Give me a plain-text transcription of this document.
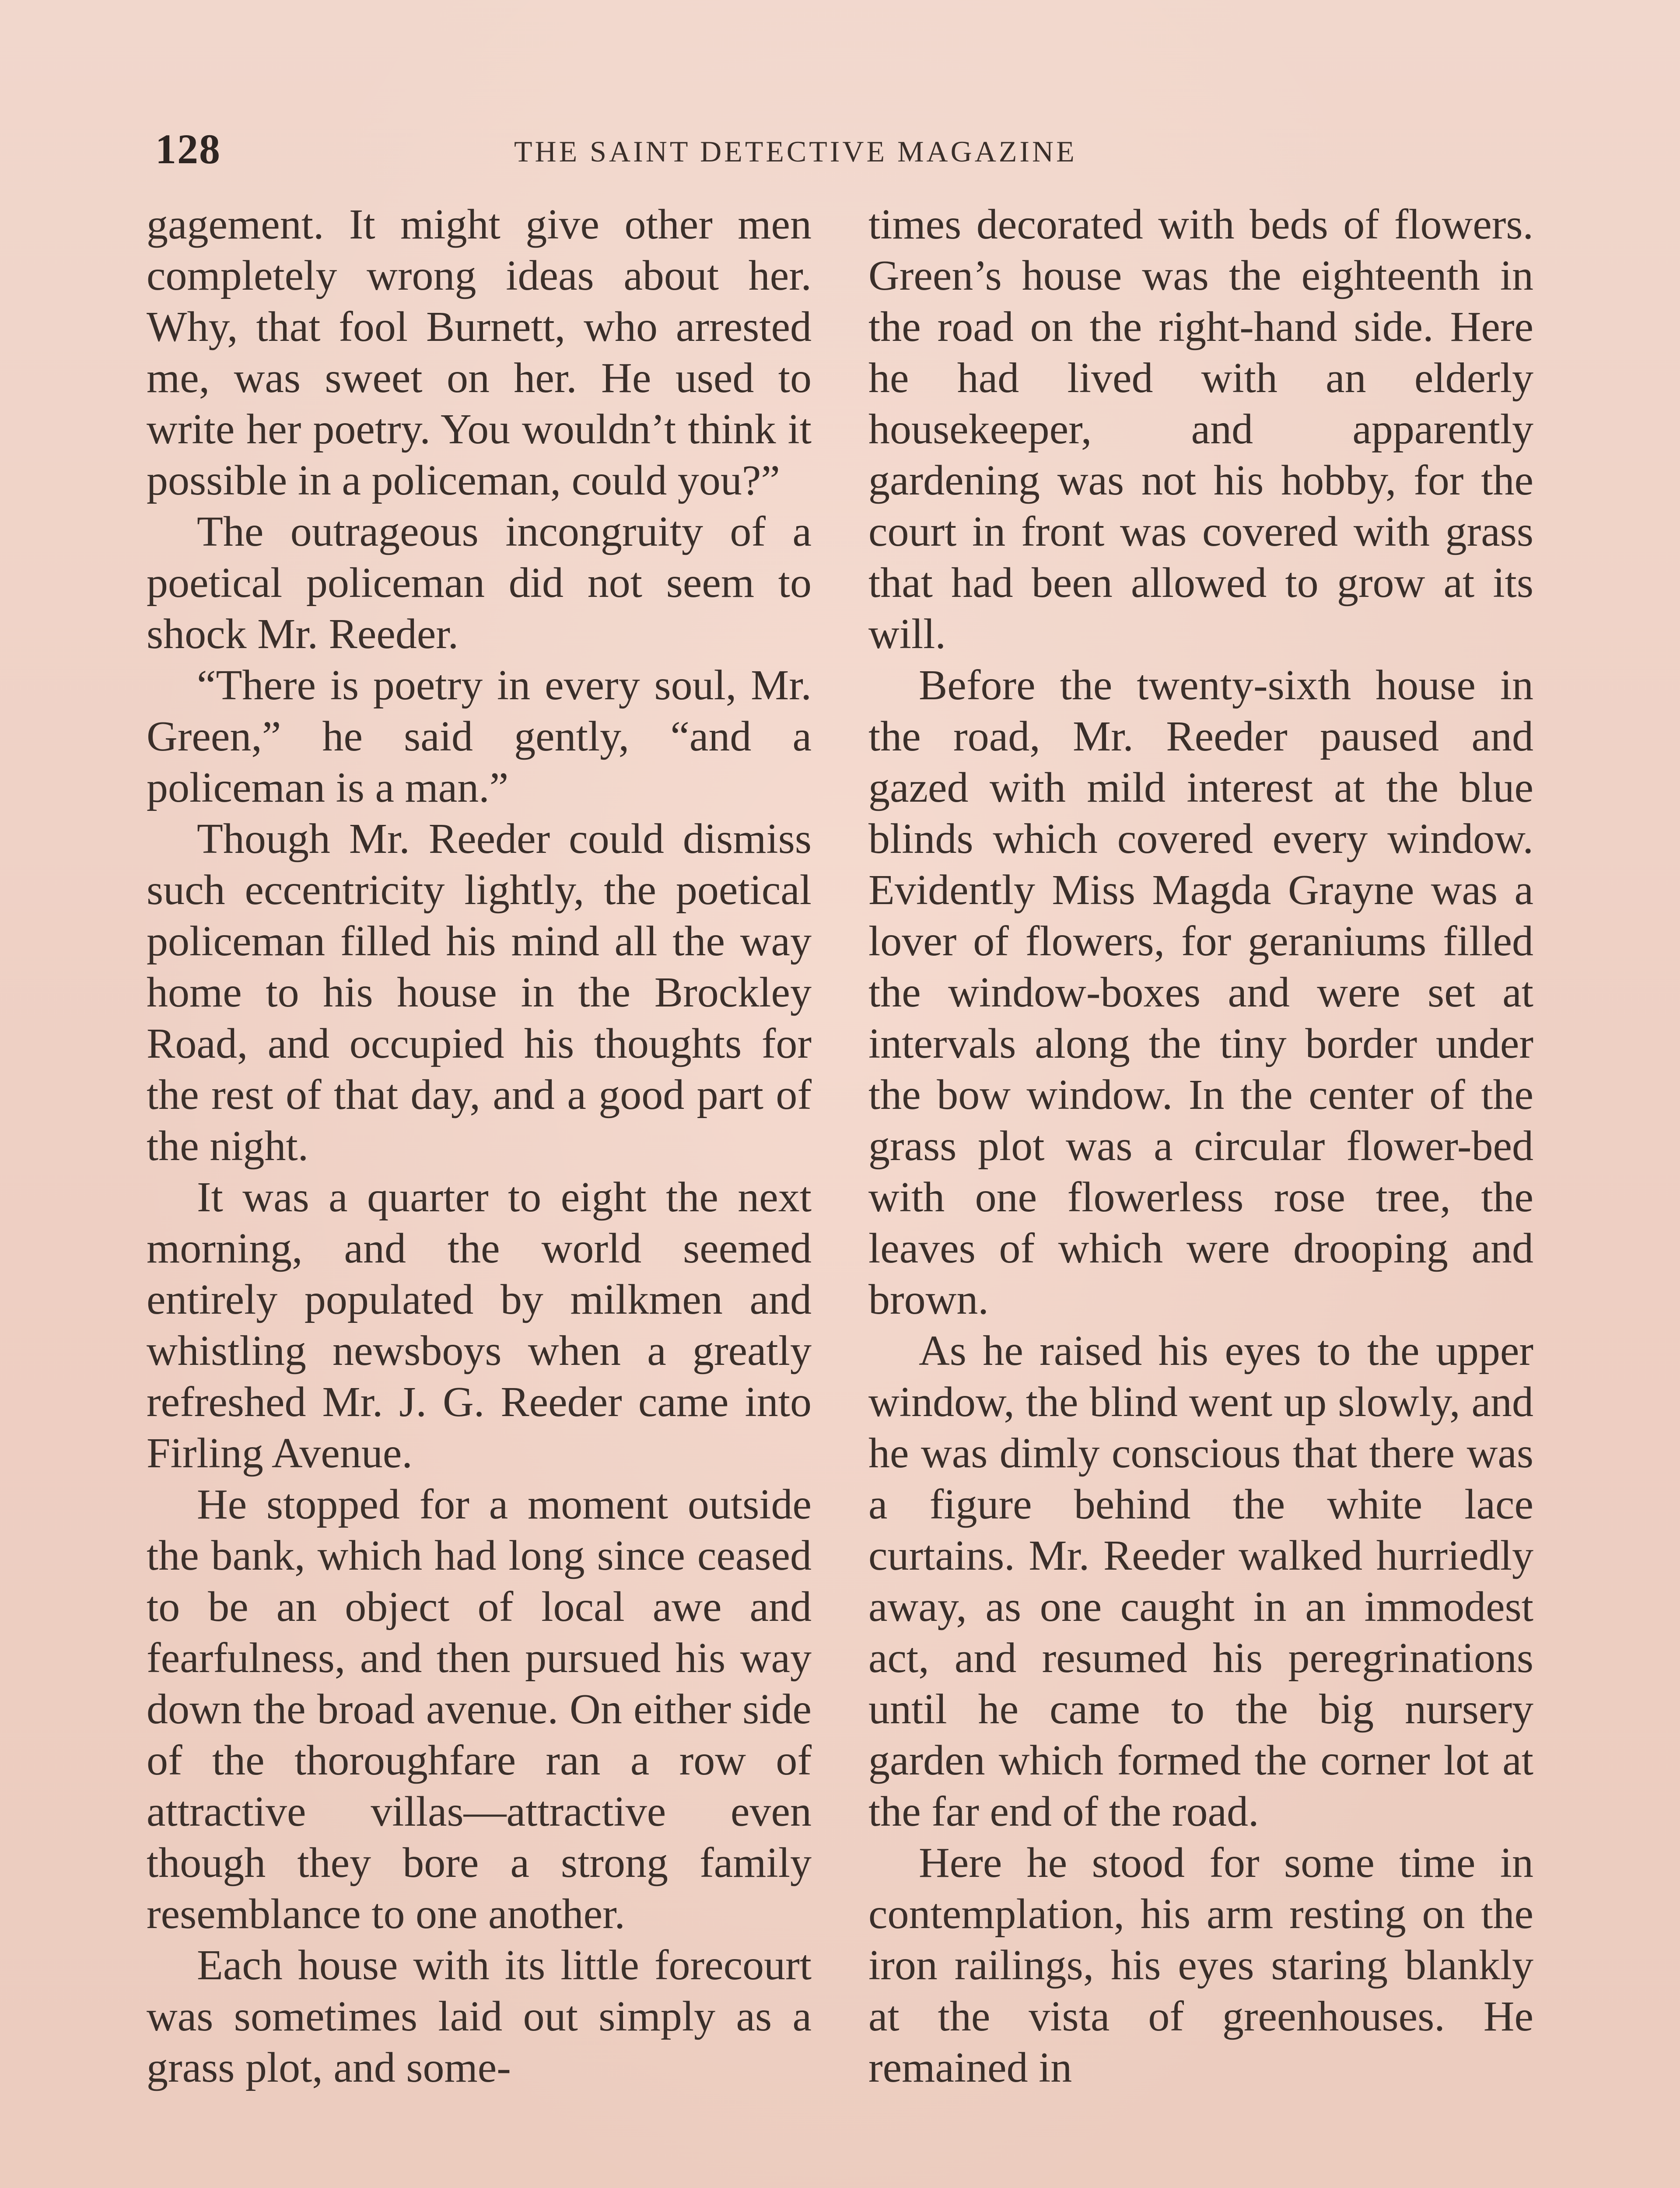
128	THE SAINT DETECTIVE MAGAZINE

gagement. It might give other men completely wrong ideas about her. Why, that fool Burnett, who arrested me, was sweet on her. He used to write her poetry. You wouldn’t think it possible in a policeman, could you?”

The outrageous incongruity of a poetical policeman did not seem to shock Mr. Reeder.

“There is poetry in every soul, Mr. Green,” he said gently, “and a policeman is a man.”

Though Mr. Reeder could dismiss such eccentricity lightly, the poetical policeman filled his mind all the way home to his house in the Brockley Road, and occupied his thoughts for the rest of that day, and a good part of the night.

It was a quarter to eight the next morning, and the world seemed entirely populated by milkmen and whistling newsboys when a greatly refreshed Mr. J. G. Reeder came into Firling Avenue.

He stopped for a moment outside the bank, which had long since ceased to be an object of local awe and fearfulness, and then pursued his way down the broad avenue. On either side of the thoroughfare ran a row of attractive villas—attractive even though they bore a strong family resemblance to one another.

Each house with its little forecourt was sometimes laid out simply as a grass plot, and some-

times decorated with beds of flowers. Green’s house was the eighteenth in the road on the right-hand side. Here he had lived with an elderly housekeeper, and apparently gardening was not his hobby, for the court in front was covered with grass that had been allowed to grow at its will.

Before the twenty-sixth house in the road, Mr. Reeder paused and gazed with mild interest at the blue blinds which covered every window. Evidently Miss Magda Grayne was a lover of flowers, for geraniums filled the window-boxes and were set at intervals along the tiny border under the bow window. In the center of the grass plot was a circular flower-bed with one flowerless rose tree, the leaves of which were drooping and brown.

As he raised his eyes to the upper window, the blind went up slowly, and he was dimly conscious that there was a figure behind the white lace curtains. Mr. Reeder walked hurriedly away, as one caught in an immodest act, and resumed his peregrinations until he came to the big nursery garden which formed the corner lot at the far end of the road.

Here he stood for some time in contemplation, his arm resting on the iron railings, his eyes staring blankly at the vista of greenhouses. He remained in
